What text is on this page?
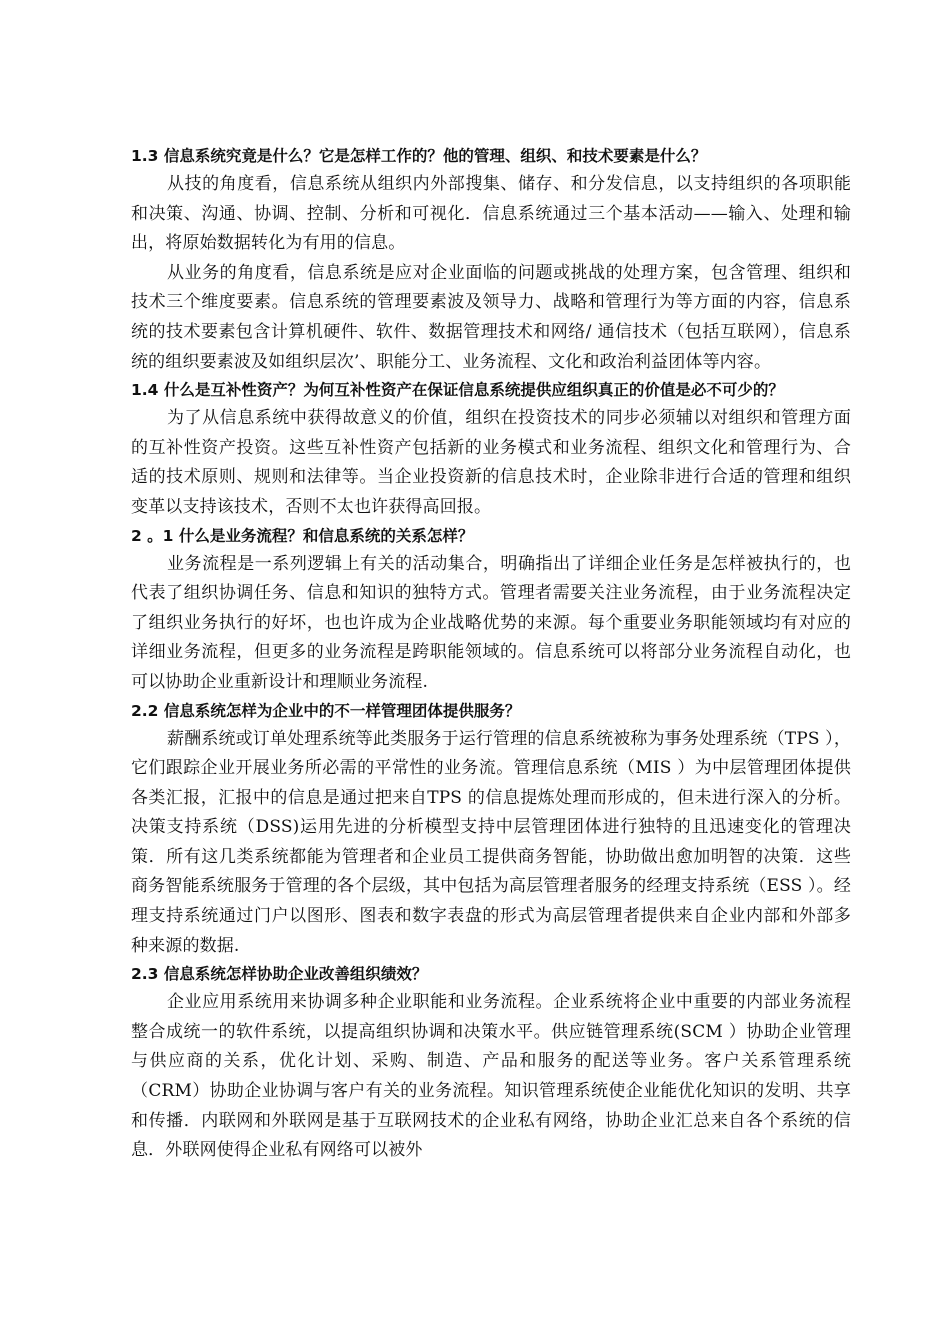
1.3 信息系统究竟是什么？它是怎样工作的？他的管理、组织、和技术要素是什么？

从技的角度看，信息系统从组织内外部搜集、储存、和分发信息，以支持组织的各项职能和决策、沟通、协调、控制、分析和可视化．信息系统通过三个基本活动——输入、处理和输出，将原始数据转化为有用的信息。

从业务的角度看，信息系统是应对企业面临的问题或挑战的处理方案，包含管理、组织和技术三个维度要素。信息系统的管理要素波及领导力、战略和管理行为等方面的内容，信息系统的技术要素包含计算机硬件、软件、数据管理技术和网络/ 通信技术（包括互联网），信息系统的组织要素波及如组织层次’、职能分工、业务流程、文化和政治利益团体等内容。

1.4 什么是互补性资产？为何互补性资产在保证信息系统提供应组织真正的价值是必不可少的？

为了从信息系统中获得故意义的价值，组织在投资技术的同步必须辅以对组织和管理方面的互补性资产投资。这些互补性资产包括新的业务模式和业务流程、组织文化和管理行为、合适的技术原则、规则和法律等。当企业投资新的信息技术时，企业除非进行合适的管理和组织变革以支持该技术，否则不太也许获得高回报。

2 。1 什么是业务流程？和信息系统的关系怎样？

业务流程是一系列逻辑上有关的活动集合，明确指出了详细企业任务是怎样被执行的，也代表了组织协调任务、信息和知识的独特方式。管理者需要关注业务流程，由于业务流程决定了组织业务执行的好坏，也也许成为企业战略优势的来源。每个重要业务职能领域均有对应的详细业务流程，但更多的业务流程是跨职能领域的。信息系统可以将部分业务流程自动化，也可以协助企业重新设计和理顺业务流程.

2.2 信息系统怎样为企业中的不一样管理团体提供服务？

薪酬系统或订单处理系统等此类服务于运行管理的信息系统被称为事务处理系统（TPS ），它们跟踪企业开展业务所必需的平常性的业务流。管理信息系统（MIS ）为中层管理团体提供各类汇报，汇报中的信息是通过把来自TPS 的信息提炼处理而形成的，但未进行深入的分析。决策支持系统（DSS)运用先进的分析模型支持中层管理团体进行独特的且迅速变化的管理决策．所有这几类系统都能为管理者和企业员工提供商务智能，协助做出愈加明智的决策．这些商务智能系统服务于管理的各个层级，其中包括为高层管理者服务的经理支持系统（ESS ）。经理支持系统通过门户以图形、图表和数字表盘的形式为高层管理者提供来自企业内部和外部多种来源的数据.

2.3 信息系统怎样协助企业改善组织绩效？

企业应用系统用来协调多种企业职能和业务流程。企业系统将企业中重要的内部业务流程整合成统一的软件系统，以提高组织协调和决策水平。供应链管理系统(SCM ）协助企业管理与供应商的关系，优化计划、采购、制造、产品和服务的配送等业务。客户关系管理系统（CRM）协助企业协调与客户有关的业务流程。知识管理系统使企业能优化知识的发明、共享和传播．内联网和外联网是基于互联网技术的企业私有网络，协助企业汇总来自各个系统的信息．外联网使得企业私有网络可以被外
